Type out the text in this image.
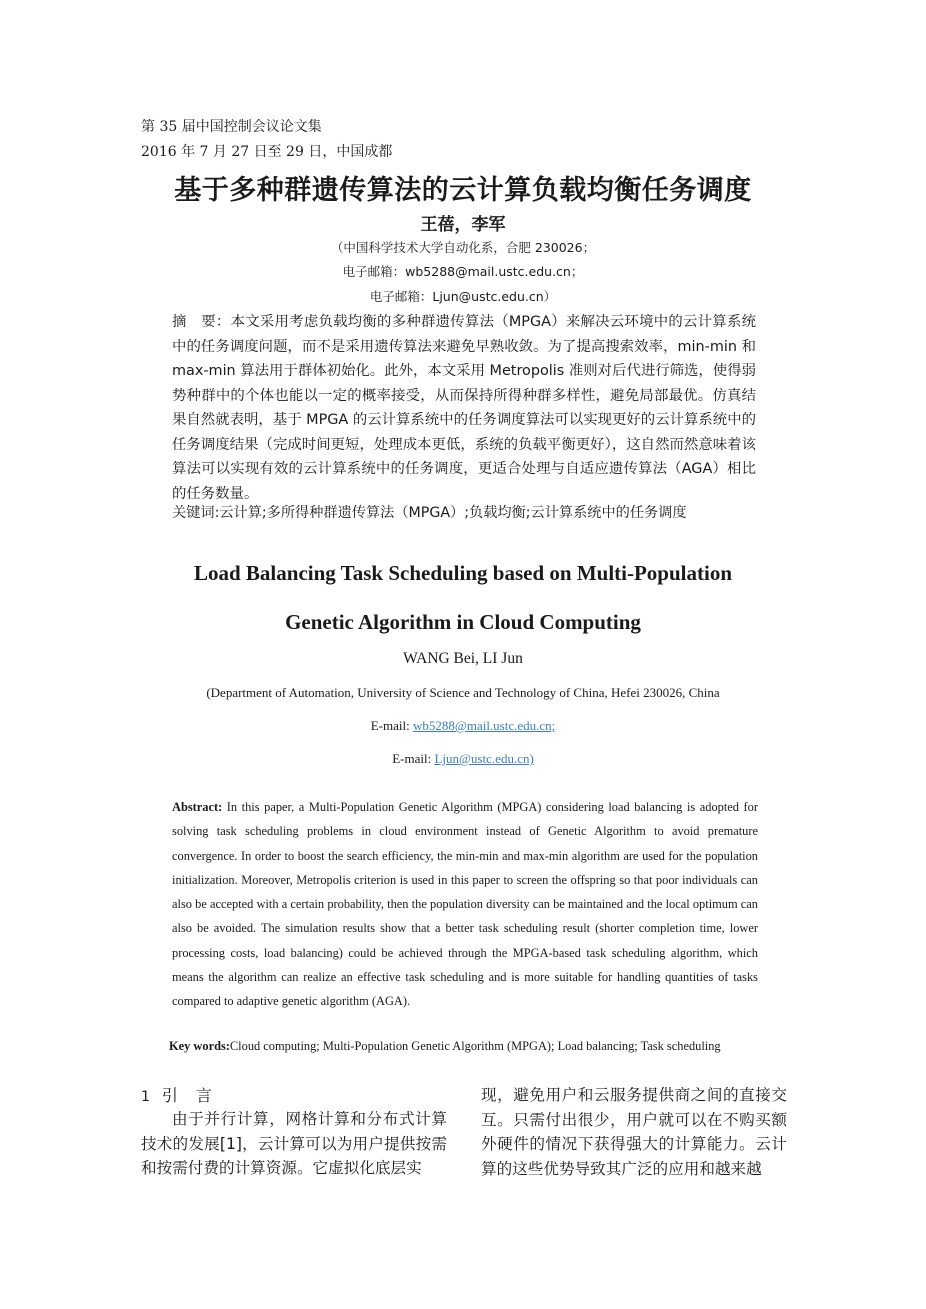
第 35 届中国控制会议论文集
2016 年 7 月 27 日至 29 日，中国成都
基于多种群遗传算法的云计算负载均衡任务调度
王蓓，李军
（中国科学技术大学自动化系，合肥 230026；
电子邮箱：wb5288@mail.ustc.edu.cn；
电子邮箱：Ljun@ustc.edu.cn）
摘　要：本文采用考虑负载均衡的多种群遗传算法（MPGA）来解决云环境中的云计算系统中的任务调度问题，而不是采用遗传算法来避免早熟收敛。为了提高搜索效率，min-min 和 max-min 算法用于群体初始化。此外，本文采用 Metropolis 准则对后代进行筛选，使得弱势种群中的个体也能以一定的概率接受，从而保持所得种群多样性，避免局部最优。仿真结果自然就表明，基于 MPGA 的云计算系统中的任务调度算法可以实现更好的云计算系统中的任务调度结果（完成时间更短，处理成本更低，系统的负载平衡更好），这自然而然意味着该算法可以实现有效的云计算系统中的任务调度，更适合处理与自适应遗传算法（AGA）相比的任务数量。
关键词:云计算;多所得种群遗传算法（MPGA）;负载均衡;云计算系统中的任务调度
Load Balancing Task Scheduling based on Multi-Population
Genetic Algorithm in Cloud Computing
WANG Bei, LI Jun
(Department of Automation, University of Science and Technology of China, Hefei 230026, China
E-mail: wb5288@mail.ustc.edu.cn;
E-mail: Ljun@ustc.edu.cn)
Abstract: In this paper, a Multi-Population Genetic Algorithm (MPGA) considering load balancing is adopted for solving task scheduling problems in cloud environment instead of Genetic Algorithm to avoid premature convergence. In order to boost the search efficiency, the min-min and max-min algorithm are used for the population initialization. Moreover, Metropolis criterion is used in this paper to screen the offspring so that poor individuals can also be accepted with a certain probability, then the population diversity can be maintained and the local optimum can also be avoided. The simulation results show that a better task scheduling result (shorter completion time, lower processing costs, load balancing) could be achieved through the MPGA-based task scheduling algorithm, which means the algorithm can realize an effective task scheduling and is more suitable for handling quantities of tasks compared to adaptive genetic algorithm (AGA).
Key words:Cloud computing; Multi-Population Genetic Algorithm (MPGA); Load balancing; Task scheduling
1 引言

由于并行计算，网格计算和分布式计算技术的发展[1]，云计算可以为用户提供按需和按需付费的计算资源。它虚拟化底层实

现，避免用户和云服务提供商之间的直接交互。只需付出很少，用户就可以在不购买额外硬件的情况下获得强大的计算能力。云计算的这些优势导致其广泛的应用和越来越
